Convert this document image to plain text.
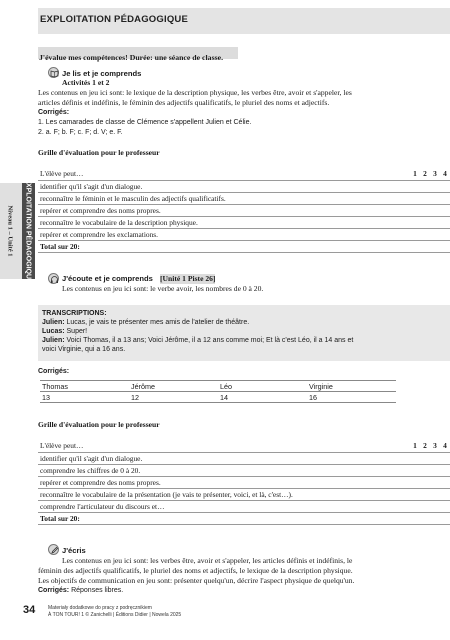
EXPLOITATION PÉDAGOGIQUE
Niveau 1 – Unité 1 EXPLOITATION PÉDAGOGIQUE
J'évalue mes compétences! Durée: une séance de classe.
Je lis et je comprends
Activités 1 et 2
Les contenus en jeu ici sont: le lexique de la description physique, les verbes être, avoir et s'appeler, les
articles définis et indéfinis, le féminin des adjectifs qualificatifs, le pluriel des noms et adjectifs.
Corrigés:
1. Les camarades de classe de Clémence s'appellent Julien et Célie.
2. a. F; b. F; c. F; d. V; e. F.
Grille d'évaluation pour le professeur
L'élève peut…	1	2	3	4
identifier qu'il s'agit d'un dialogue.
reconnaître le féminin et le masculin des adjectifs qualificatifs.
repérer et comprendre des noms propres.
reconnaître le vocabulaire de la description physique.
repérer et comprendre les exclamations.
Total sur 20:
J'écoute et je comprends [Unité 1 Piste 26]
Les contenus en jeu ici sont: le verbe avoir, les nombres de 0 à 20.
TRANSCRIPTIONS:
Julien: Lucas, je vais te présenter mes amis de l'atelier de théâtre.
Lucas: Super!
Julien: Voici Thomas, il a 13 ans; Voici Jérôme, il a 12 ans comme moi; Et là c'est Léo, il a 14 ans et
voici Virginie, qui a 16 ans.
Corrigés:
Thomas	Jérôme	Léo	Virginie
13	12	14	16
Grille d'évaluation pour le professeur
L'élève peut…	1	2	3	4
identifier qu'il s'agit d'un dialogue.
comprendre les chiffres de 0 à 20.
repérer et comprendre des noms propres.
reconnaître le vocabulaire de la présentation (je vais te présenter, voici, et là, c'est…).
comprendre l'articulateur du discours et…
Total sur 20:
J'écris
Les contenus en jeu ici sont: les verbes être, avoir et s'appeler, les articles définis et indéfinis, le
féminin des adjectifs qualificatifs, le pluriel des noms et adjectifs, le lexique de la description physique.
Les objectifs de communication en jeu sont: présenter quelqu'un, décrire l'aspect physique de quelqu'un.
Corrigés: Réponses libres.
34	Materiały dodatkowe do pracy z podręcznikiem
À TON TOUR! 1 © Zanichelli | Éditions Didier | Nowela 2025
